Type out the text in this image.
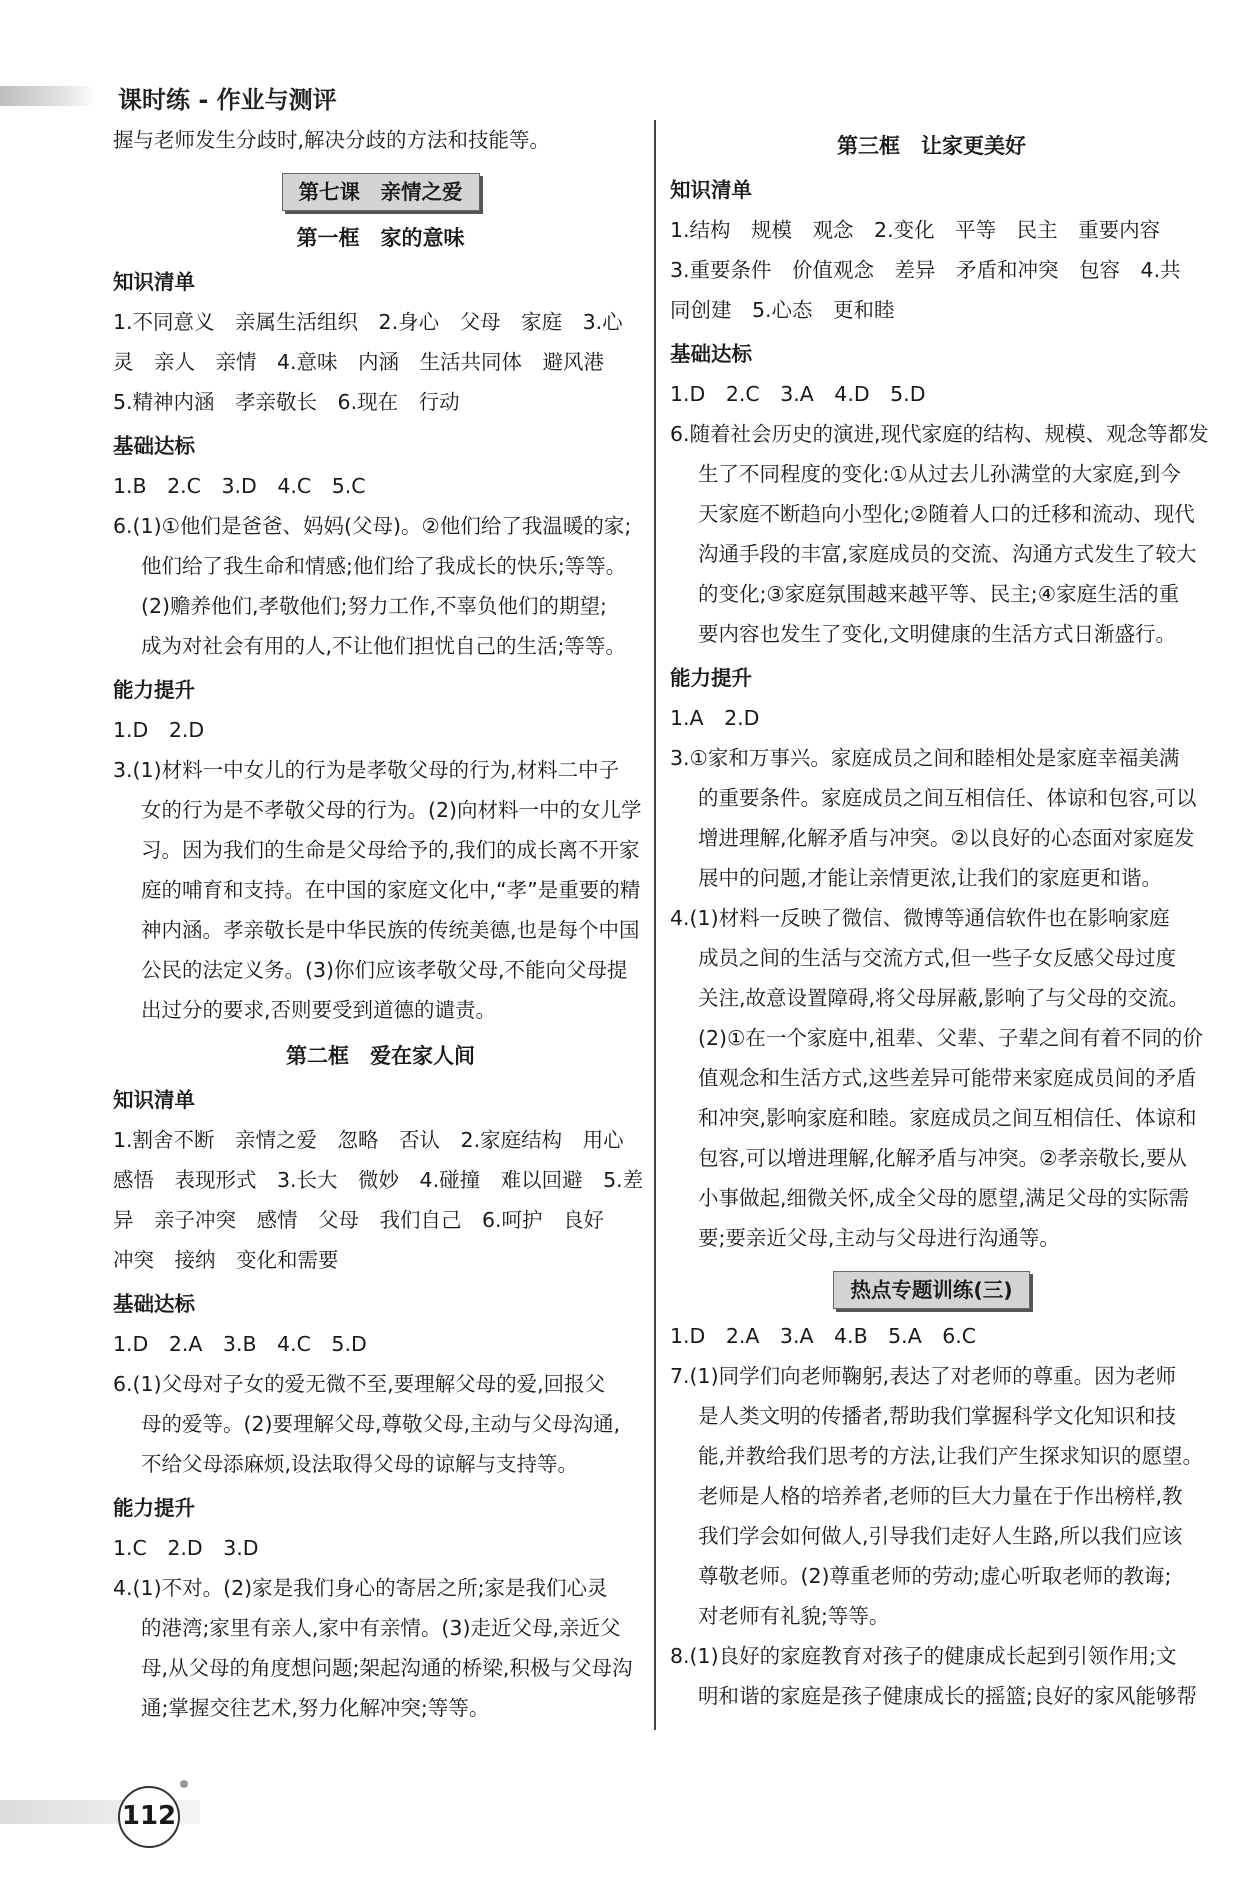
课时练 - 作业与测评

握与老师发生分歧时,解决分歧的方法和技能等。

第七课　亲情之爱
第一框　家的意味

知识清单

1.不同意义　亲属生活组织　2.身心　父母　家庭　3.心

灵　亲人　亲情　4.意味　内涵　生活共同体　避风港

5.精神内涵　孝亲敬长　6.现在　行动

基础达标

1.B　2.C　3.D　4.C　5.C

6.(1)①他们是爸爸、妈妈(父母)。②他们给了我温暖的家;

他们给了我生命和情感;他们给了我成长的快乐;等等。

(2)赡养他们,孝敬他们;努力工作,不辜负他们的期望;

成为对社会有用的人,不让他们担忧自己的生活;等等。

能力提升

1.D　2.D

3.(1)材料一中女儿的行为是孝敬父母的行为,材料二中子

女的行为是不孝敬父母的行为。(2)向材料一中的女儿学

习。因为我们的生命是父母给予的,我们的成长离不开家

庭的哺育和支持。在中国的家庭文化中,“孝”是重要的精

神内涵。孝亲敬长是中华民族的传统美德,也是每个中国

公民的法定义务。(3)你们应该孝敬父母,不能向父母提

出过分的要求,否则要受到道德的谴责。

第二框　爱在家人间

知识清单

1.割舍不断　亲情之爱　忽略　否认　2.家庭结构　用心

感悟　表现形式　3.长大　微妙　4.碰撞　难以回避　5.差

异　亲子冲突　感情　父母　我们自己　6.呵护　良好

冲突　接纳　变化和需要

基础达标

1.D　2.A　3.B　4.C　5.D

6.(1)父母对子女的爱无微不至,要理解父母的爱,回报父

母的爱等。(2)要理解父母,尊敬父母,主动与父母沟通,

不给父母添麻烦,设法取得父母的谅解与支持等。

能力提升

1.C　2.D　3.D

4.(1)不对。(2)家是我们身心的寄居之所;家是我们心灵

的港湾;家里有亲人,家中有亲情。(3)走近父母,亲近父

母,从父母的角度想问题;架起沟通的桥梁,积极与父母沟

通;掌握交往艺术,努力化解冲突;等等。

第三框　让家更美好

知识清单

1.结构　规模　观念　2.变化　平等　民主　重要内容

3.重要条件　价值观念　差异　矛盾和冲突　包容　4.共

同创建　5.心态　更和睦

基础达标

1.D　2.C　3.A　4.D　5.D

6.随着社会历史的演进,现代家庭的结构、规模、观念等都发

生了不同程度的变化:①从过去儿孙满堂的大家庭,到今

天家庭不断趋向小型化;②随着人口的迁移和流动、现代

沟通手段的丰富,家庭成员的交流、沟通方式发生了较大

的变化;③家庭氛围越来越平等、民主;④家庭生活的重

要内容也发生了变化,文明健康的生活方式日渐盛行。

能力提升

1.A　2.D

3.①家和万事兴。家庭成员之间和睦相处是家庭幸福美满

的重要条件。家庭成员之间互相信任、体谅和包容,可以

增进理解,化解矛盾与冲突。②以良好的心态面对家庭发

展中的问题,才能让亲情更浓,让我们的家庭更和谐。

4.(1)材料一反映了微信、微博等通信软件也在影响家庭

成员之间的生活与交流方式,但一些子女反感父母过度

关注,故意设置障碍,将父母屏蔽,影响了与父母的交流。

(2)①在一个家庭中,祖辈、父辈、子辈之间有着不同的价

值观念和生活方式,这些差异可能带来家庭成员间的矛盾

和冲突,影响家庭和睦。家庭成员之间互相信任、体谅和

包容,可以增进理解,化解矛盾与冲突。②孝亲敬长,要从

小事做起,细微关怀,成全父母的愿望,满足父母的实际需

要;要亲近父母,主动与父母进行沟通等。

热点专题训练(三)

1.D　2.A　3.A　4.B　5.A　6.C

7.(1)同学们向老师鞠躬,表达了对老师的尊重。因为老师

是人类文明的传播者,帮助我们掌握科学文化知识和技

能,并教给我们思考的方法,让我们产生探求知识的愿望。

老师是人格的培养者,老师的巨大力量在于作出榜样,教

我们学会如何做人,引导我们走好人生路,所以我们应该

尊敬老师。(2)尊重老师的劳动;虚心听取老师的教诲;

对老师有礼貌;等等。

8.(1)良好的家庭教育对孩子的健康成长起到引领作用;文

明和谐的家庭是孩子健康成长的摇篮;良好的家风能够帮

112
